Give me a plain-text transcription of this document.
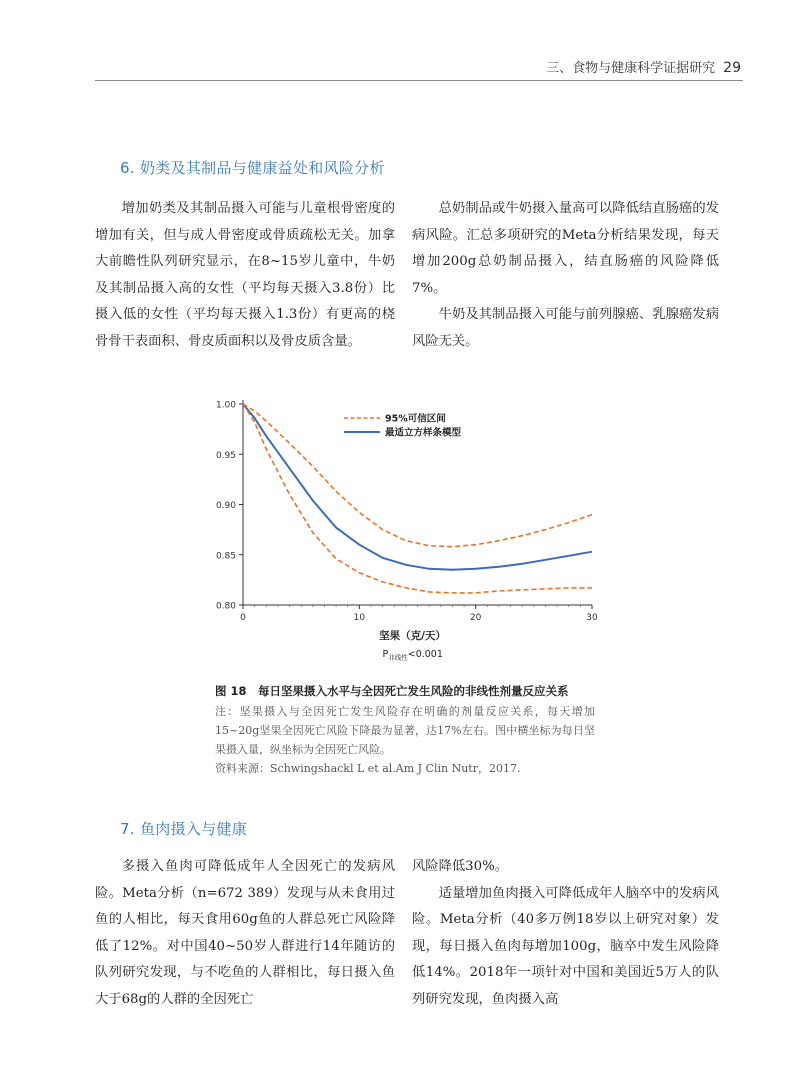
三、食物与健康科学证据研究 29
6. 奶类及其制品与健康益处和风险分析

增加奶类及其制品摄入可能与儿童根骨密度的增加有关，但与成人骨密度或骨质疏松无关。加拿大前瞻性队列研究显示，在8~15岁儿童中，牛奶及其制品摄入高的女性（平均每天摄入3.8份）比摄入低的女性（平均每天摄入1.3份）有更高的桡骨骨干表面积、骨皮质面积以及骨皮质含量。

总奶制品或牛奶摄入量高可以降低结直肠癌的发病风险。汇总多项研究的Meta分析结果发现，每天增加200g总奶制品摄入，结直肠癌的风险降低7%。

牛奶及其制品摄入可能与前列腺癌、乳腺癌发病风险无关。

0.80
0.85
0.90
0.95
1.00
0	10	20	30
坚果（克/天）
$P_{非线性}<0.001$
95%可信区间
最适立方样条模型
图 18　每日坚果摄入水平与全因死亡发生风险的非线性剂量反应关系

注：坚果摄入与全因死亡发生风险存在明确的剂量反应关系，每天增加15~20g坚果全因死亡风险下降最为显著，达17%左右。图中横坐标为每日坚果摄入量，纵坐标为全因死亡风险。

资料来源：Schwingshackl L et al.Am J Clin Nutr，2017.

7. 鱼肉摄入与健康

多摄入鱼肉可降低成年人全因死亡的发病风险。Meta分析（n=672 389）发现与从未食用过鱼的人相比，每天食用60g鱼的人群总死亡风险降低了12%。对中国40~50岁人群进行14年随访的队列研究发现，与不吃鱼的人群相比，每日摄入鱼大于68g的人群的全因死亡

风险降低30%。

适量增加鱼肉摄入可降低成年人脑卒中的发病风险。Meta分析（40多万例18岁以上研究对象）发现，每日摄入鱼肉每增加100g，脑卒中发生风险降低14%。2018年一项针对中国和美国近5万人的队列研究发现，鱼肉摄入高
